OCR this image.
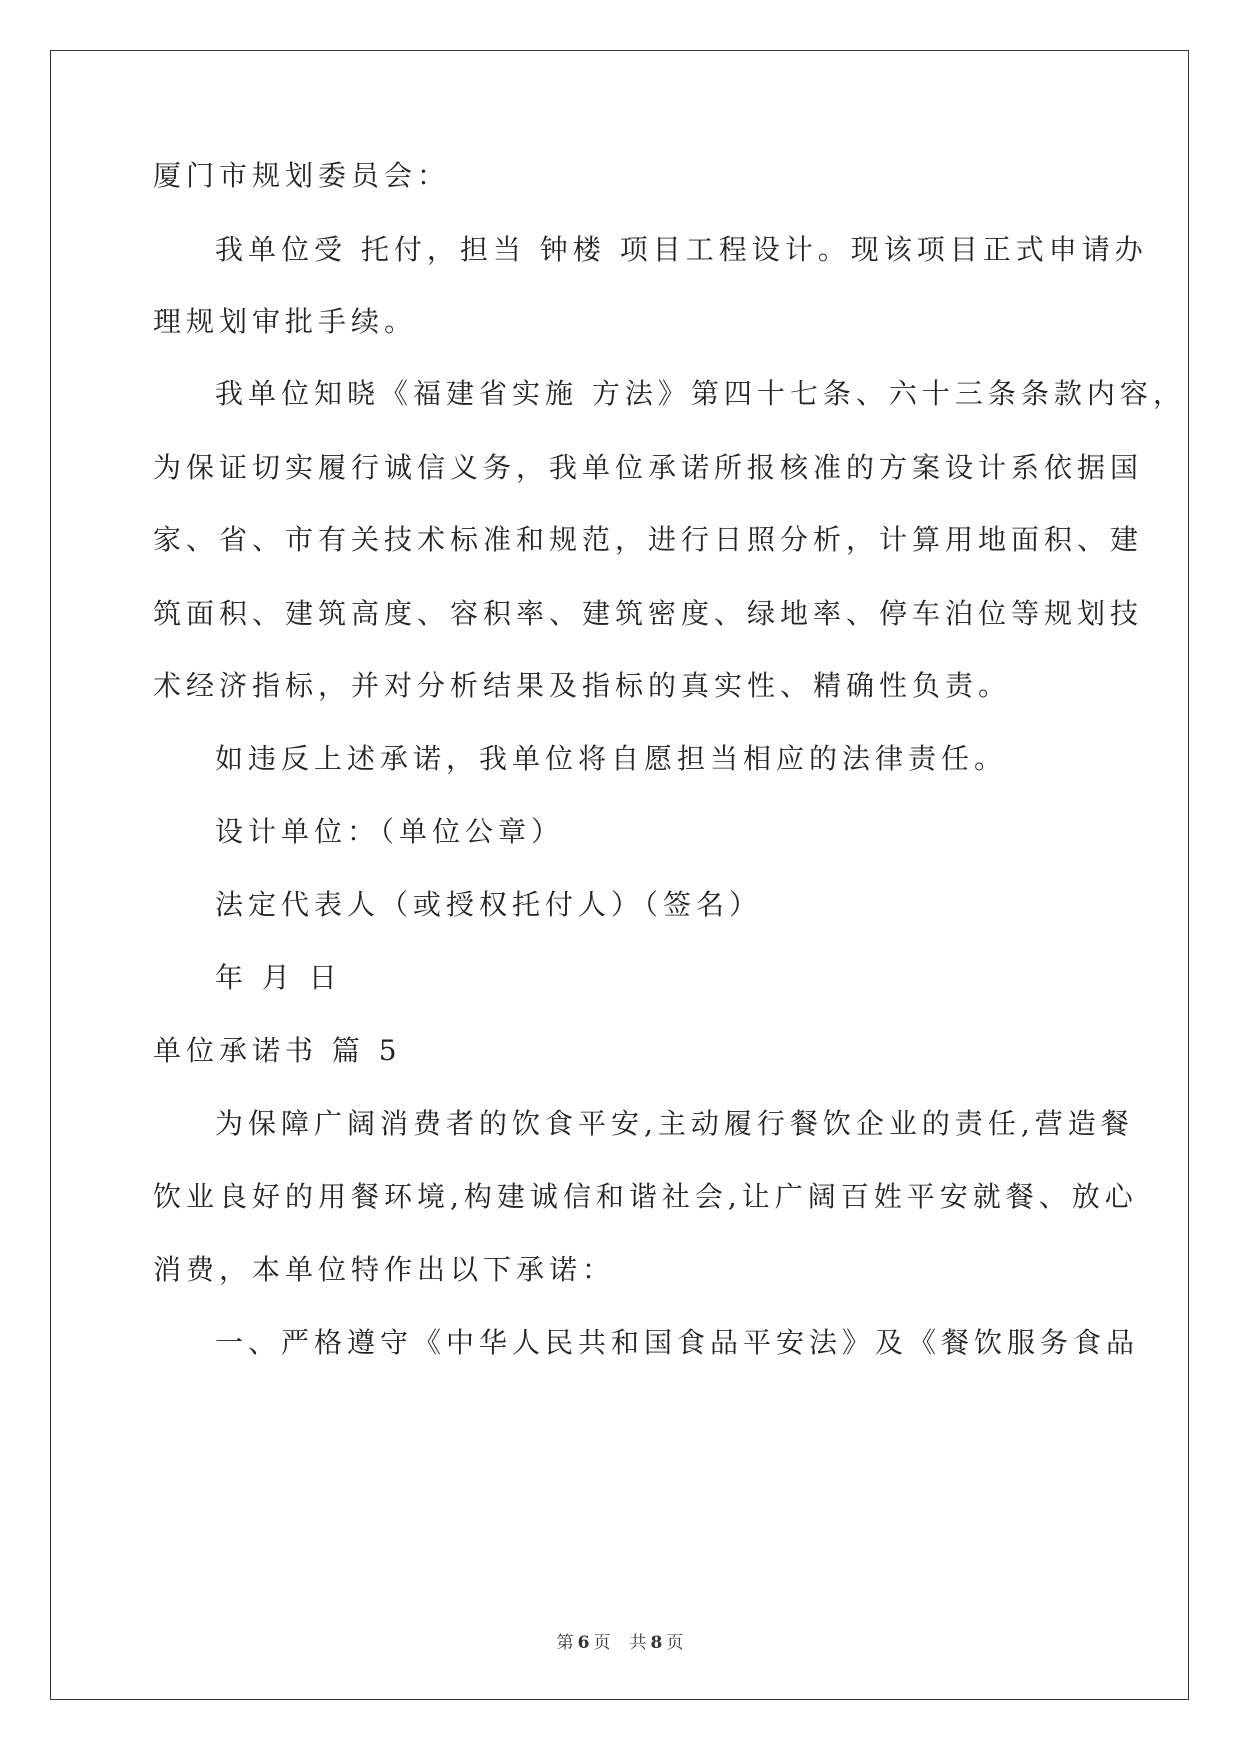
厦门市规划委员会：
我单位受 托付，担当 钟楼 项目工程设计。现该项目正式申请办
理规划审批手续。
我单位知晓《福建省实施 方法》第四十七条、六十三条条款内容，
为保证切实履行诚信义务，我单位承诺所报核准的方案设计系依据国
家、省、市有关技术标准和规范，进行日照分析，计算用地面积、建
筑面积、建筑高度、容积率、建筑密度、绿地率、停车泊位等规划技
术经济指标，并对分析结果及指标的真实性、精确性负责。
如违反上述承诺，我单位将自愿担当相应的法律责任。
设计单位：（单位公章）
法定代表人（或授权托付人）（签名）
年 月 日
单位承诺书 篇 5
为保障广阔消费者的饮食平安,主动履行餐饮企业的责任,营造餐
饮业良好的用餐环境,构建诚信和谐社会,让广阔百姓平安就餐、放心
消费，本单位特作出以下承诺：
一、严格遵守《中华人民共和国食品平安法》及《餐饮服务食品
第 6 页　共 8 页
